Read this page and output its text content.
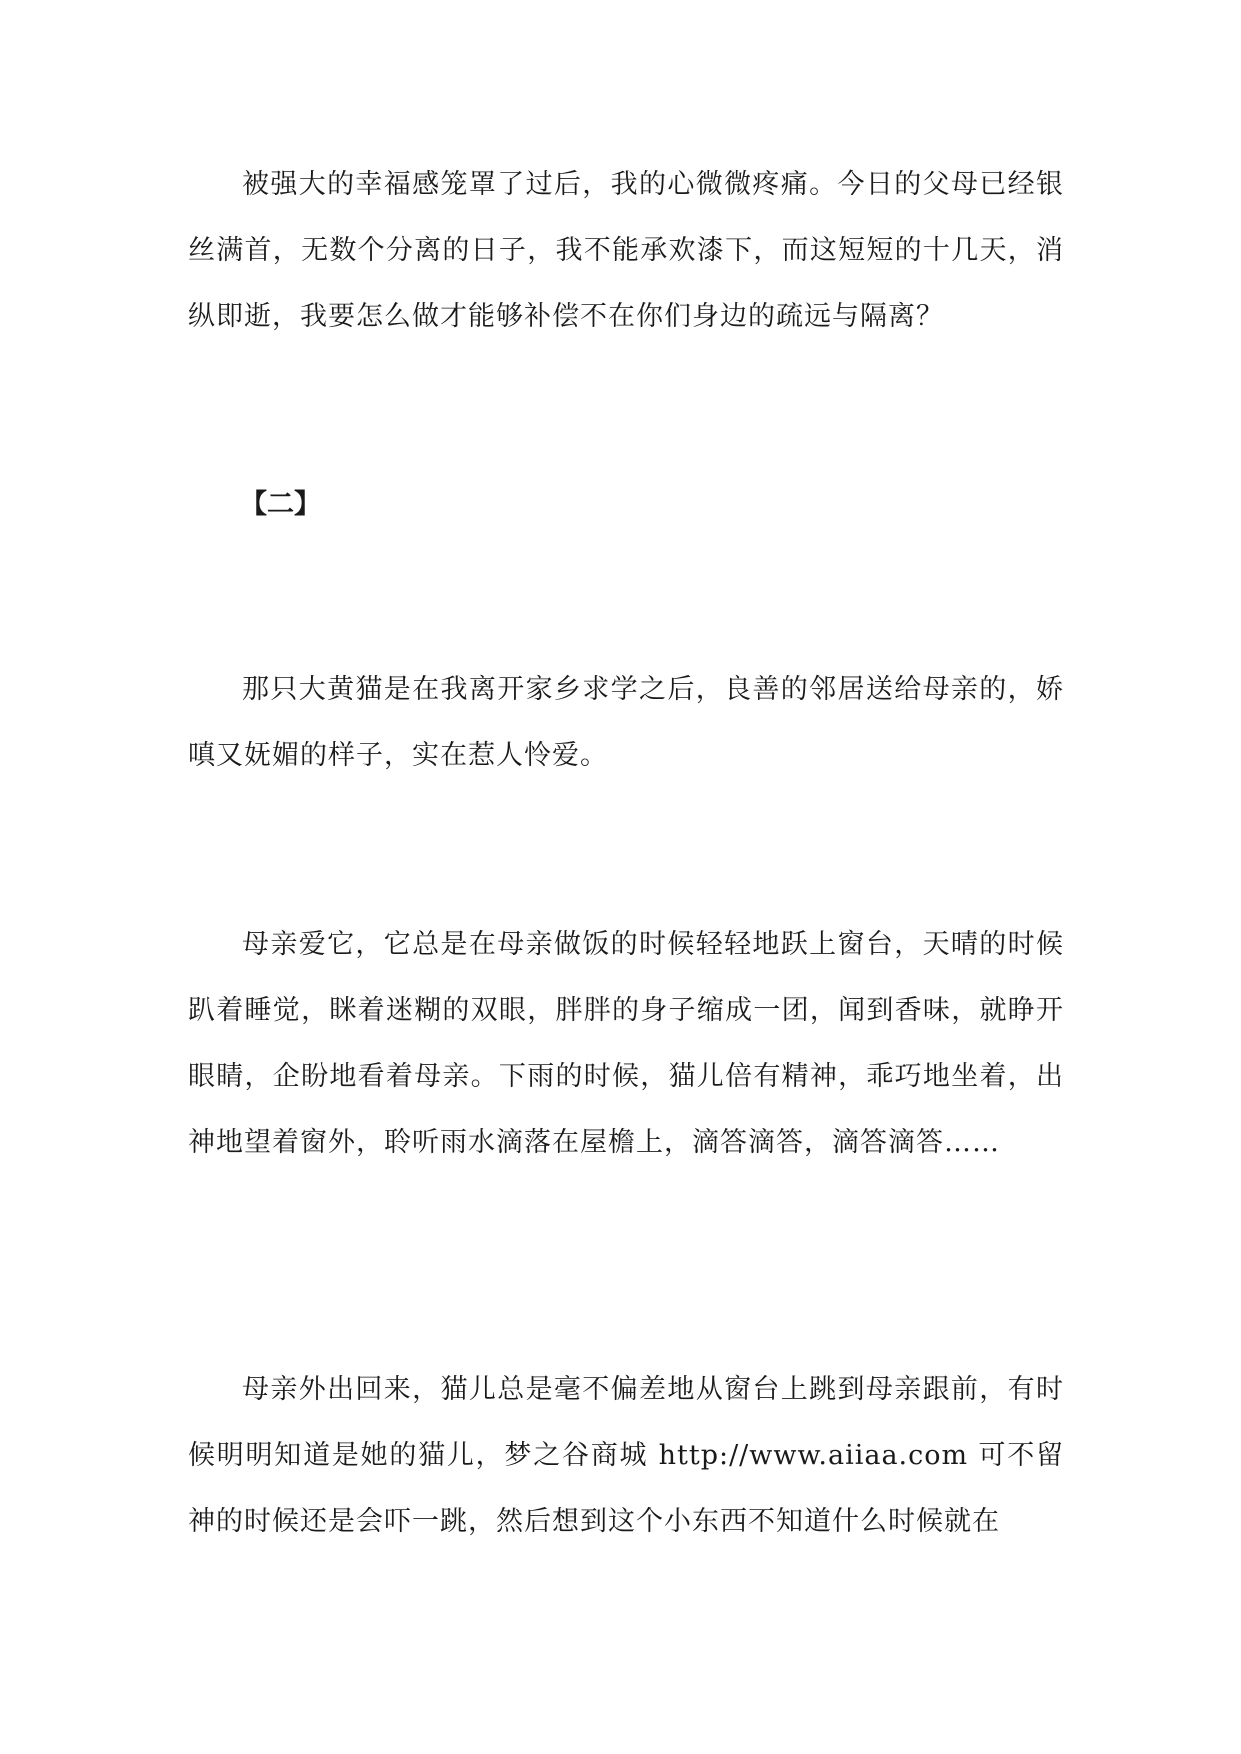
被强大的幸福感笼罩了过后，我的心微微疼痛。今日的父母已经银丝满首，无数个分离的日子，我不能承欢漆下，而这短短的十几天，消纵即逝，我要怎么做才能够补偿不在你们身边的疏远与隔离？

【二】

那只大黄猫是在我离开家乡求学之后，良善的邻居送给母亲的，娇嗔又妩媚的样子，实在惹人怜爱。

母亲爱它，它总是在母亲做饭的时候轻轻地跃上窗台，天晴的时候趴着睡觉，眯着迷糊的双眼，胖胖的身子缩成一团，闻到香味，就睁开眼睛，企盼地看着母亲。下雨的时候，猫儿倍有精神，乖巧地坐着，出神地望着窗外，聆听雨水滴落在屋檐上，滴答滴答，滴答滴答……

母亲外出回来，猫儿总是毫不偏差地从窗台上跳到母亲跟前，有时候明明知道是她的猫儿，梦之谷商城 http://www.aiiaa.com 可不留神的时候还是会吓一跳，然后想到这个小东西不知道什么时候就在
